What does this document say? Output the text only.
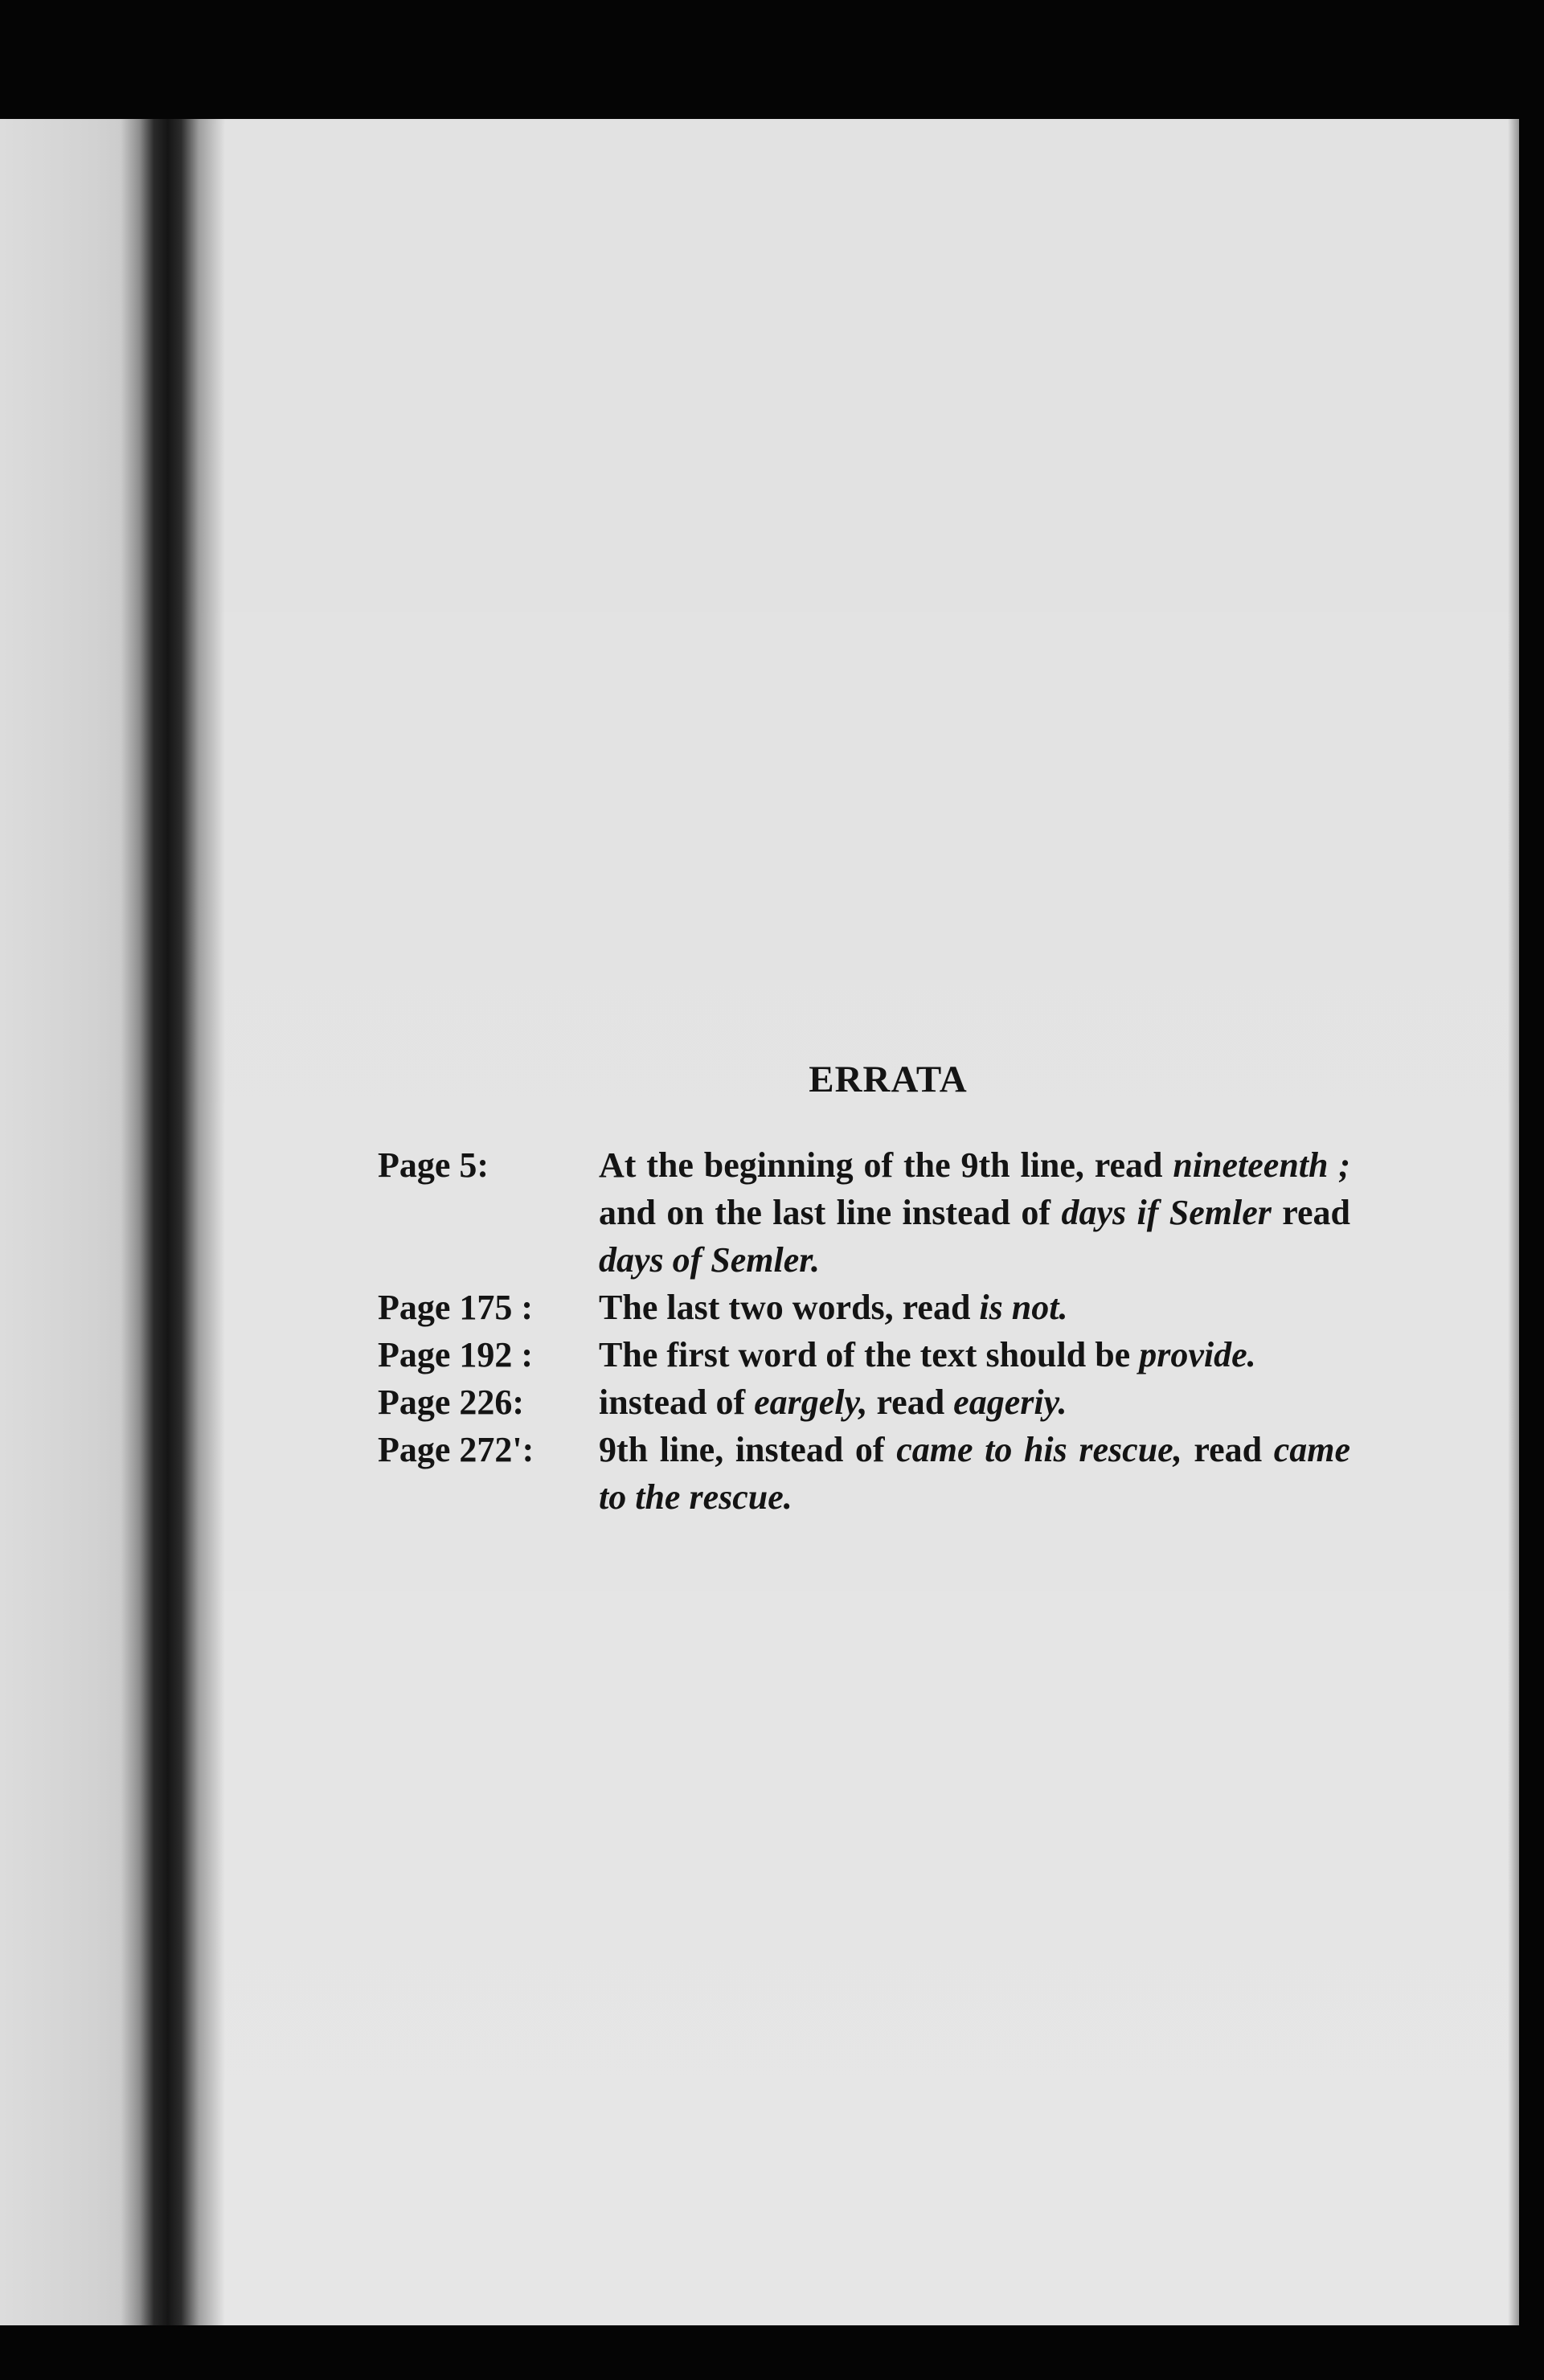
ERRATA
Page 5:	At the beginning of the 9th line, read nineteenth ; and on the last line instead of days if Semler read days of Semler.
Page 175 :	The last two words, read is not.
Page 192 :	The first word of the text should be provide.
Page 226:	instead of eargely, read eageriy.
Page 272':	9th line, instead of came to his rescue, read came to the rescue.
